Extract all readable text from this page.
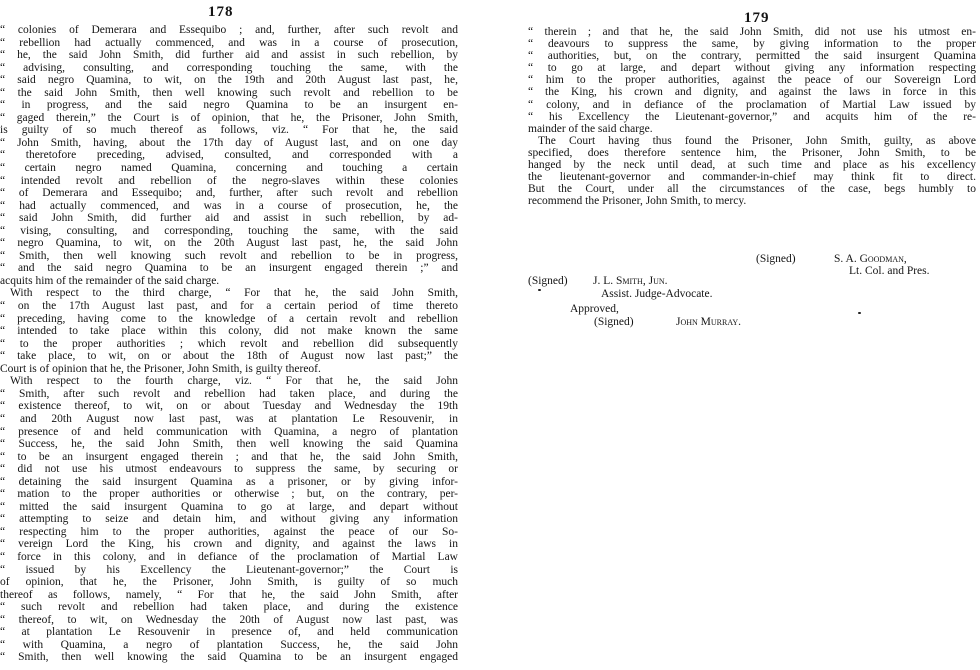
178
“ colonies of Demerara and Essequibo ; and, further, after such revolt and
“ rebellion had actually commenced, and was in a course of prosecution,
“ he, the said John Smith, did further aid and assist in such rebellion, by
“ advising, consulting, and corresponding touching the same, with the
“ said negro Quamina, to wit, on the 19th and 20th August last past, he,
“ the said John Smith, then well knowing such revolt and rebellion to be
“ in progress, and the said negro Quamina to be an insurgent en-
“ gaged therein,” the Court is of opinion, that he, the Prisoner, John Smith,
is guilty of so much thereof as follows, viz. “ For that he, the said
“ John Smith, having, about the 17th day of August last, and on one day
“ theretofore preceding, advised, consulted, and corresponded with a
“ certain negro named Quamina, concerning and touching a certain
“ intended revolt and rebellion of the negro-slaves within these colonies
“ of Demerara and Essequibo; and, further, after such revolt and rebellion
“ had actually commenced, and was in a course of prosecution, he, the
“ said John Smith, did further aid and assist in such rebellion, by ad-
“ vising, consulting, and corresponding, touching the same, with the said
“ negro Quamina, to wit, on the 20th August last past, he, the said John
“ Smith, then well knowing such revolt and rebellion to be in progress,
“ and the said negro Quamina to be an insurgent engaged therein ;” and
acquits him of the remainder of the said charge.
With respect to the third charge, “ For that he, the said John Smith,
“ on the 17th August last past, and for a certain period of time thereto
“ preceding, having come to the knowledge of a certain revolt and rebellion
“ intended to take place within this colony, did not make known the same
“ to the proper authorities ; which revolt and rebellion did subsequently
“ take place, to wit, on or about the 18th of August now last past;” the
Court is of opinion that he, the Prisoner, John Smith, is guilty thereof.
With respect to the fourth charge, viz. “ For that he, the said John
“ Smith, after such revolt and rebellion had taken place, and during the
“ existence thereof, to wit, on or about Tuesday and Wednesday the 19th
“ and 20th August now last past, was at plantation Le Resouvenir, in
“ presence of and held communication with Quamina, a negro of plantation
“ Success, he, the said John Smith, then well knowing the said Quamina
“ to be an insurgent engaged therein ; and that he, the said John Smith,
“ did not use his utmost endeavours to suppress the same, by securing or
“ detaining the said insurgent Quamina as a prisoner, or by giving infor-
“ mation to the proper authorities or otherwise ; but, on the contrary, per-
“ mitted the said insurgent Quamina to go at large, and depart without
“ attempting to seize and detain him, and without giving any information
“ respecting him to the proper authorities, against the peace of our So-
“ vereign Lord the King, his crown and dignity, and against the laws in
“ force in this colony, and in defiance of the proclamation of Martial Law
“ issued by his Excellency the Lieutenant-governor;” the Court is
of opinion, that he, the Prisoner, John Smith, is guilty of so much
thereof as follows, namely, “ For that he, the said John Smith, after
“ such revolt and rebellion had taken place, and during the existence
“ thereof, to wit, on Wednesday the 20th of August now last past, was
“ at plantation Le Resouvenir in presence of, and held communication
“ with Quamina, a negro of plantation Success, he, the said John
“ Smith, then well knowing the said Quamina to be an insurgent engaged
179
“ therein ; and that he, the said John Smith, did not use his utmost en-
“ deavours to suppress the same, by giving information to the proper
“ authorities, but, on the contrary, permitted the said insurgent Quamina
“ to go at large, and depart without giving any information respecting
“ him to the proper authorities, against the peace of our Sovereign Lord
“ the King, his crown and dignity, and against the laws in force in this
“ colony, and in defiance of the proclamation of Martial Law issued by
“ his Excellency the Lieutenant-governor,” and acquits him of the re-
mainder of the said charge.
The Court having thus found the Prisoner, John Smith, guilty, as above
specified, does therefore sentence him, the Prisoner, John Smith, to be
hanged by the neck until dead, at such time and place as his excellency
the lieutenant-governor and commander-in-chief may think fit to direct.
But the Court, under all the circumstances of the case, begs humbly to
recommend the Prisoner, John Smith, to mercy.
(Signed)	S. A. Goodman,
Lt. Col. and Pres.
(Signed) J. L. Smith, Jun.
Assist. Judge-Advocate.
Approved,
(Signed)	John Murray.
